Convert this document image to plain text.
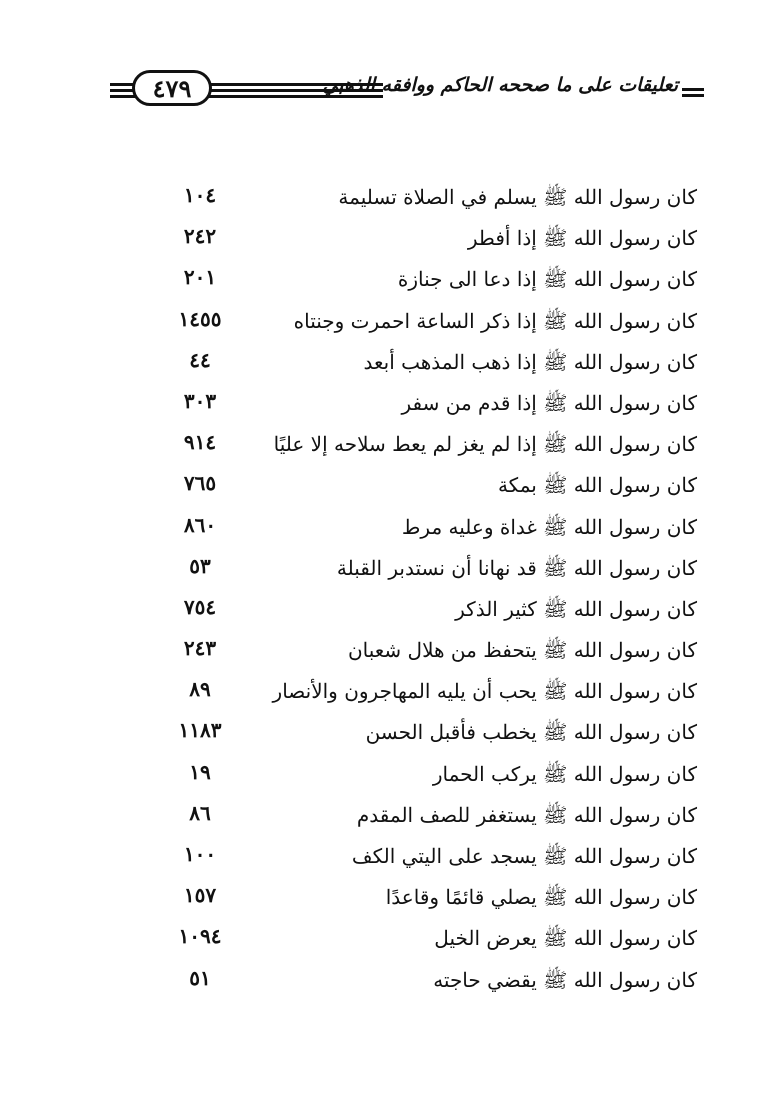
٤٧٩	تعليقات على ما صححه الحاكم ووافقه الذهبي
كان رسول الله ﷺ يسلم في الصلاة تسليمة
١٠٤
كان رسول الله ﷺ إذا أفطر
٢٤٢
كان رسول الله ﷺ إذا دعا الى جنازة
٢٠١
كان رسول الله ﷺ إذا ذكر الساعة احمرت وجنتاه
١٤٥٥
كان رسول الله ﷺ إذا ذهب المذهب أبعد
٤٤
كان رسول الله ﷺ إذا قدم من سفر
٣٠٣
كان رسول الله ﷺ إذا لم يغز لم يعط سلاحه إلا عليًا
٩١٤
كان رسول الله ﷺ بمكة
٧٦٥
كان رسول الله ﷺ غداة وعليه مرط
٨٦٠
كان رسول الله ﷺ قد نهانا أن نستدبر القبلة
٥٣
كان رسول الله ﷺ كثير الذكر
٧٥٤
كان رسول الله ﷺ يتحفظ من هلال شعبان
٢٤٣
كان رسول الله ﷺ يحب أن يليه المهاجرون والأنصار
٨٩
كان رسول الله ﷺ يخطب فأقبل الحسن
١١٨٣
كان رسول الله ﷺ يركب الحمار
١٩
كان رسول الله ﷺ يستغفر للصف المقدم
٨٦
كان رسول الله ﷺ يسجد على اليتي الكف
١٠٠
كان رسول الله ﷺ يصلي قائمًا وقاعدًا
١٥٧
كان رسول الله ﷺ يعرض الخيل
١٠٩٤
كان رسول الله ﷺ يقضي حاجته
٥١
